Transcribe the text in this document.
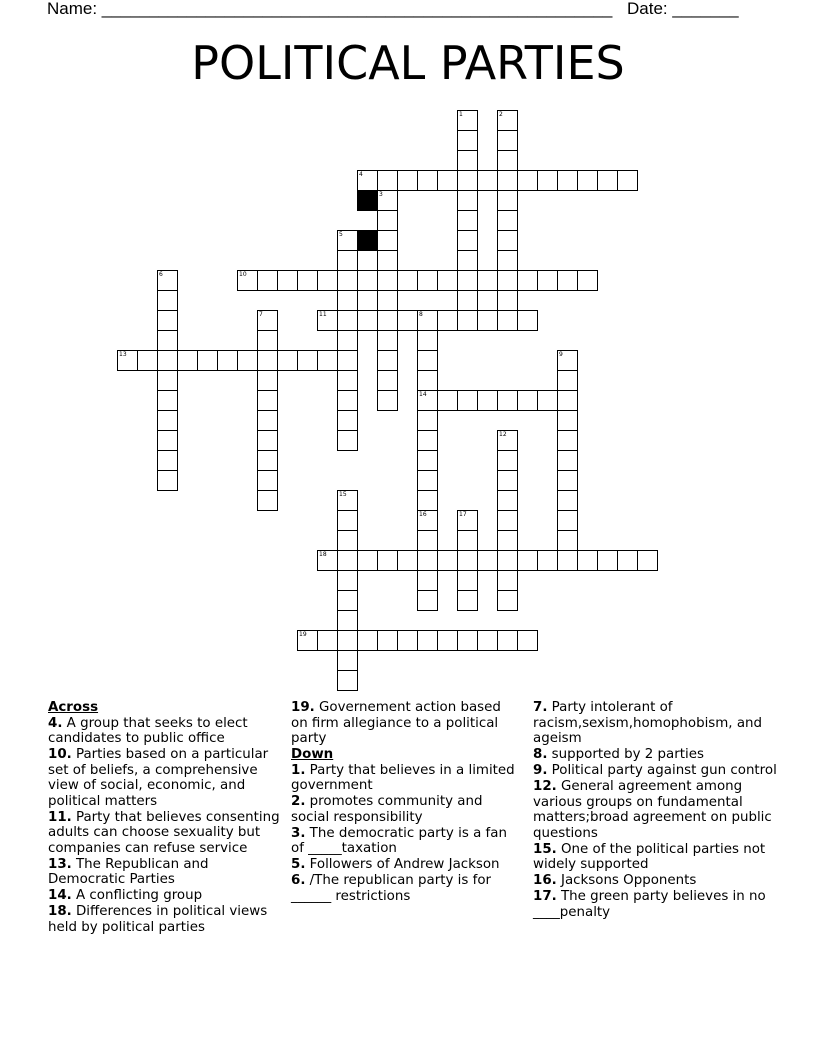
Name: ______________________________________________________ Date: _______
POLITICAL PARTIES
1	2
3
4
5
6
7	8
14
9
10
11
12
13
15
16	17
18
19
Across
4. A group that seeks to elect candidates to public office
10. Parties based on a particular set of beliefs, a comprehensive view of social, economic, and political matters
11. Party that believes consenting adults can choose sexuality but companies can refuse service
13. The Republican and Democratic Parties
14. A conflicting group
18. Differences in political views held by political parties
19. Governement action based on firm allegiance to a political party
Down
1. Party that believes in a limited government
2. promotes community and social responsibility
3. The democratic party is a fan of _____taxation
5. Followers of Andrew Jackson
6. /The republican party is for ______ restrictions
7. Party intolerant of racism,sexism,homophobism, and ageism
8. supported by 2 parties
9. Political party against gun control
12. General agreement among various groups on fundamental matters;broad agreement on public questions
15. One of the political parties not widely supported
16. Jacksons Opponents
17. The green party believes in no ____penalty
